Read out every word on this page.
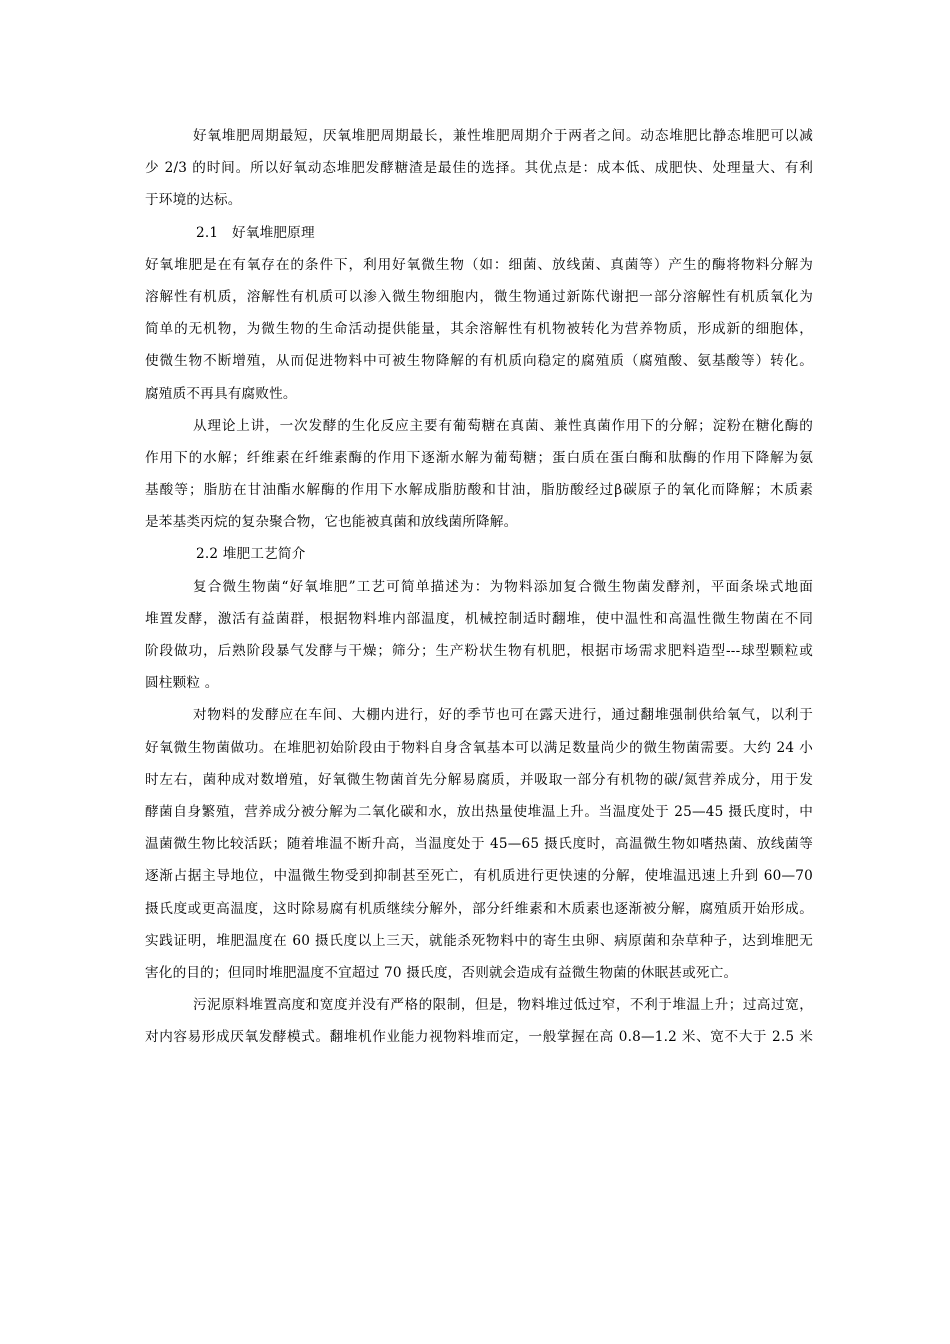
好氧堆肥周期最短，厌氧堆肥周期最长，兼性堆肥周期介于两者之间。动态堆肥比静态堆肥可以减
少 2/3 的时间。所以好氧动态堆肥发酵糖渣是最佳的选择。其优点是：成本低、成肥快、处理量大、有利
于环境的达标。
2.1　好氧堆肥原理
好氧堆肥是在有氧存在的条件下，利用好氧微生物（如：细菌、放线菌、真菌等）产生的酶将物料分解为
溶解性有机质，溶解性有机质可以渗入微生物细胞内，微生物通过新陈代谢把一部分溶解性有机质氧化为
简单的无机物，为微生物的生命活动提供能量，其余溶解性有机物被转化为营养物质，形成新的细胞体，
使微生物不断增殖，从而促进物料中可被生物降解的有机质向稳定的腐殖质（腐殖酸、氨基酸等）转化。
腐殖质不再具有腐败性。
从理论上讲，一次发酵的生化反应主要有葡萄糖在真菌、兼性真菌作用下的分解；淀粉在糖化酶的
作用下的水解；纤维素在纤维素酶的作用下逐渐水解为葡萄糖；蛋白质在蛋白酶和肽酶的作用下降解为氨
基酸等；脂肪在甘油酯水解酶的作用下水解成脂肪酸和甘油，脂肪酸经过β碳原子的氧化而降解；木质素
是苯基类丙烷的复杂聚合物，它也能被真菌和放线菌所降解。
2.2 堆肥工艺简介
复合微生物菌“好氧堆肥”工艺可简单描述为：为物料添加复合微生物菌发酵剂，平面条垛式地面
堆置发酵，激活有益菌群，根据物料堆内部温度，机械控制适时翻堆，使中温性和高温性微生物菌在不同
阶段做功，后熟阶段暴气发酵与干燥；筛分；生产粉状生物有机肥，根据市场需求肥料造型---球型颗粒或
圆柱颗粒 。
对物料的发酵应在车间、大棚内进行，好的季节也可在露天进行，通过翻堆强制供给氧气，以利于
好氧微生物菌做功。在堆肥初始阶段由于物料自身含氧基本可以满足数量尚少的微生物菌需要。大约 24 小
时左右，菌种成对数增殖，好氧微生物菌首先分解易腐质，并吸取一部分有机物的碳/氮营养成分，用于发
酵菌自身繁殖，营养成分被分解为二氧化碳和水，放出热量使堆温上升。当温度处于 25—45 摄氏度时，中
温菌微生物比较活跃；随着堆温不断升高，当温度处于 45—65 摄氏度时，高温微生物如嗜热菌、放线菌等
逐渐占据主导地位，中温微生物受到抑制甚至死亡，有机质进行更快速的分解，使堆温迅速上升到 60—70
摄氏度或更高温度，这时除易腐有机质继续分解外，部分纤维素和木质素也逐渐被分解，腐殖质开始形成。
实践证明，堆肥温度在 60 摄氏度以上三天，就能杀死物料中的寄生虫卵、病原菌和杂草种子，达到堆肥无
害化的目的；但同时堆肥温度不宜超过 70 摄氏度，否则就会造成有益微生物菌的休眠甚或死亡。
污泥原料堆置高度和宽度并没有严格的限制，但是，物料堆过低过窄，不利于堆温上升；过高过宽，
对内容易形成厌氧发酵模式。翻堆机作业能力视物料堆而定，一般掌握在高 0.8—1.2 米、宽不大于 2.5 米
